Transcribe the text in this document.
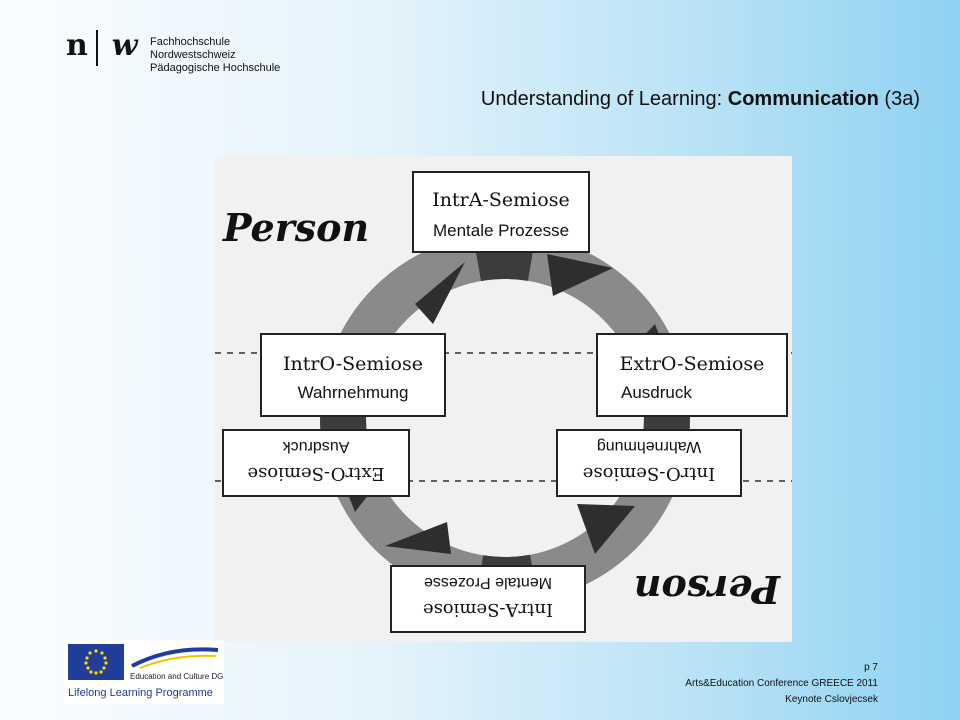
n w Fachhochschule Nordwestschweiz
Pädagogische Hochschule
Understanding of Learning: Communication (3a)
Person
Person
IntrA-Semiose
Mentale Prozesse
IntrO-Semiose
Wahrnehmung
ExtrO-Semiose
Ausdruck
ExtrO-Semiose
Ausdruck
IntrO-Semiose
Wahrnehmung
IntrA-Semiose
Mentale Prozesse
Education and Culture DG
Lifelong Learning Programme
p 7
Arts&Education Conference GREECE 2011
Keynote Cslovjecsek
